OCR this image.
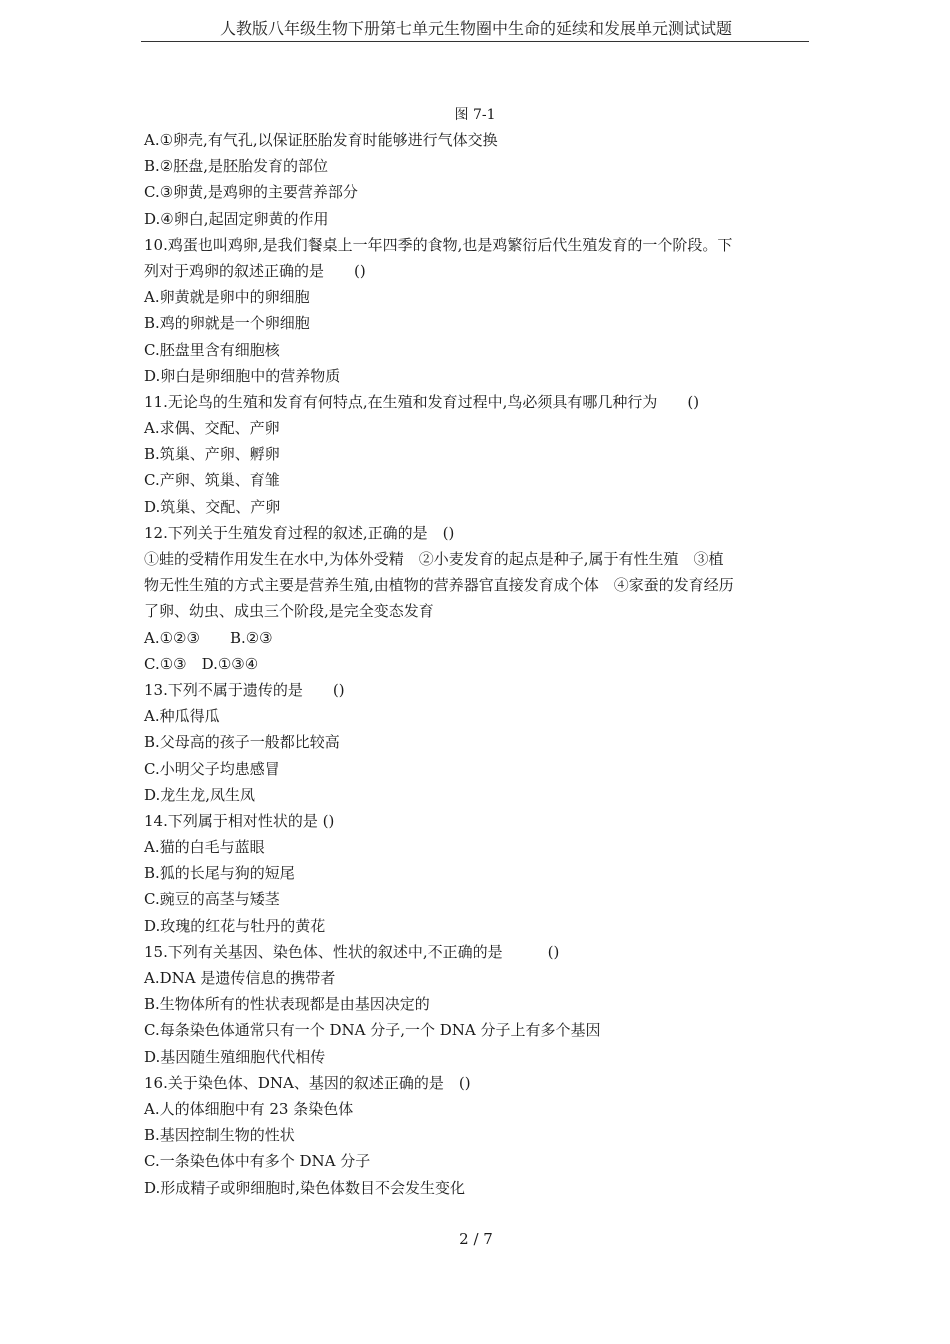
人教版八年级生物下册第七单元生物圈中生命的延续和发展单元测试试题
图 7-1
A.①卵壳,有气孔,以保证胚胎发育时能够进行气体交换
B.②胚盘,是胚胎发育的部位
C.③卵黄,是鸡卵的主要营养部分
D.④卵白,起固定卵黄的作用
10.鸡蛋也叫鸡卵,是我们餐桌上一年四季的食物,也是鸡繁衍后代生殖发育的一个阶段。下
列对于鸡卵的叙述正确的是　　()
A.卵黄就是卵中的卵细胞
B.鸡的卵就是一个卵细胞
C.胚盘里含有细胞核
D.卵白是卵细胞中的营养物质
11.无论鸟的生殖和发育有何特点,在生殖和发育过程中,鸟必须具有哪几种行为　　()
A.求偶、交配、产卵
B.筑巢、产卵、孵卵
C.产卵、筑巢、育雏
D.筑巢、交配、产卵
12.下列关于生殖发育过程的叙述,正确的是　()
①蛙的受精作用发生在水中,为体外受精　②小麦发育的起点是种子,属于有性生殖　③植
物无性生殖的方式主要是营养生殖,由植物的营养器官直接发育成个体　④家蚕的发育经历
了卵、幼虫、成虫三个阶段,是完全变态发育
A.①②③　　B.②③
C.①③　D.①③④
13.下列不属于遗传的是　　()
A.种瓜得瓜
B.父母高的孩子一般都比较高
C.小明父子均患感冒
D.龙生龙,凤生凤
14.下列属于相对性状的是 ()
A.猫的白毛与蓝眼
B.狐的长尾与狗的短尾
C.豌豆的高茎与矮茎
D.玫瑰的红花与牡丹的黄花
15.下列有关基因、染色体、性状的叙述中,不正确的是　　　()
A.DNA 是遗传信息的携带者
B.生物体所有的性状表现都是由基因决定的
C.每条染色体通常只有一个 DNA 分子,一个 DNA 分子上有多个基因
D.基因随生殖细胞代代相传
16.关于染色体、DNA、基因的叙述正确的是　()
A.人的体细胞中有 23 条染色体
B.基因控制生物的性状
C.一条染色体中有多个 DNA 分子
D.形成精子或卵细胞时,染色体数目不会发生变化
2 / 7
